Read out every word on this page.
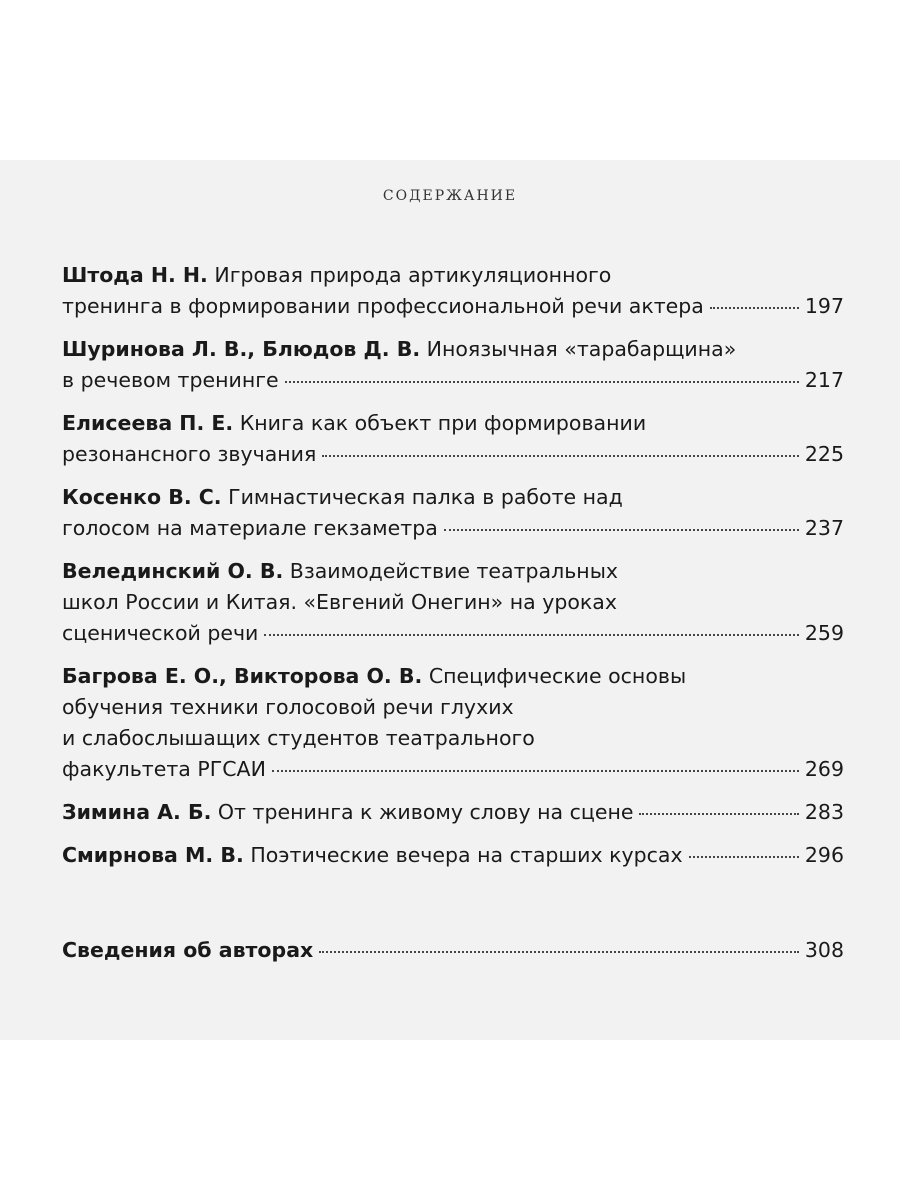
СОДЕРЖАНИЕ
Штода Н. Н. Игровая природа артикуляционного
тренинга в формировании профессиональной речи актера	197
Шуринова Л. В., Блюдов Д. В. Иноязычная «тарабарщина»
в речевом тренинге	217
Елисеева П. Е. Книга как объект при формировании
резонансного звучания	225
Косенко В. С. Гимнастическая палка в работе над
голосом на материале гекзаметра	237
Велединский О. В. Взаимодействие театральных
школ России и Китая. «Евгений Онегин» на уроках
сценической речи	259
Багрова Е. О., Викторова О. В. Специфические основы
обучения техники голосовой речи глухих
и слабослышащих студентов театрального
факультета РГСАИ	269
Зимина А. Б. От тренинга к живому слову на сцене	283
Смирнова М. В. Поэтические вечера на старших курсах	296
Сведения об авторах	308
